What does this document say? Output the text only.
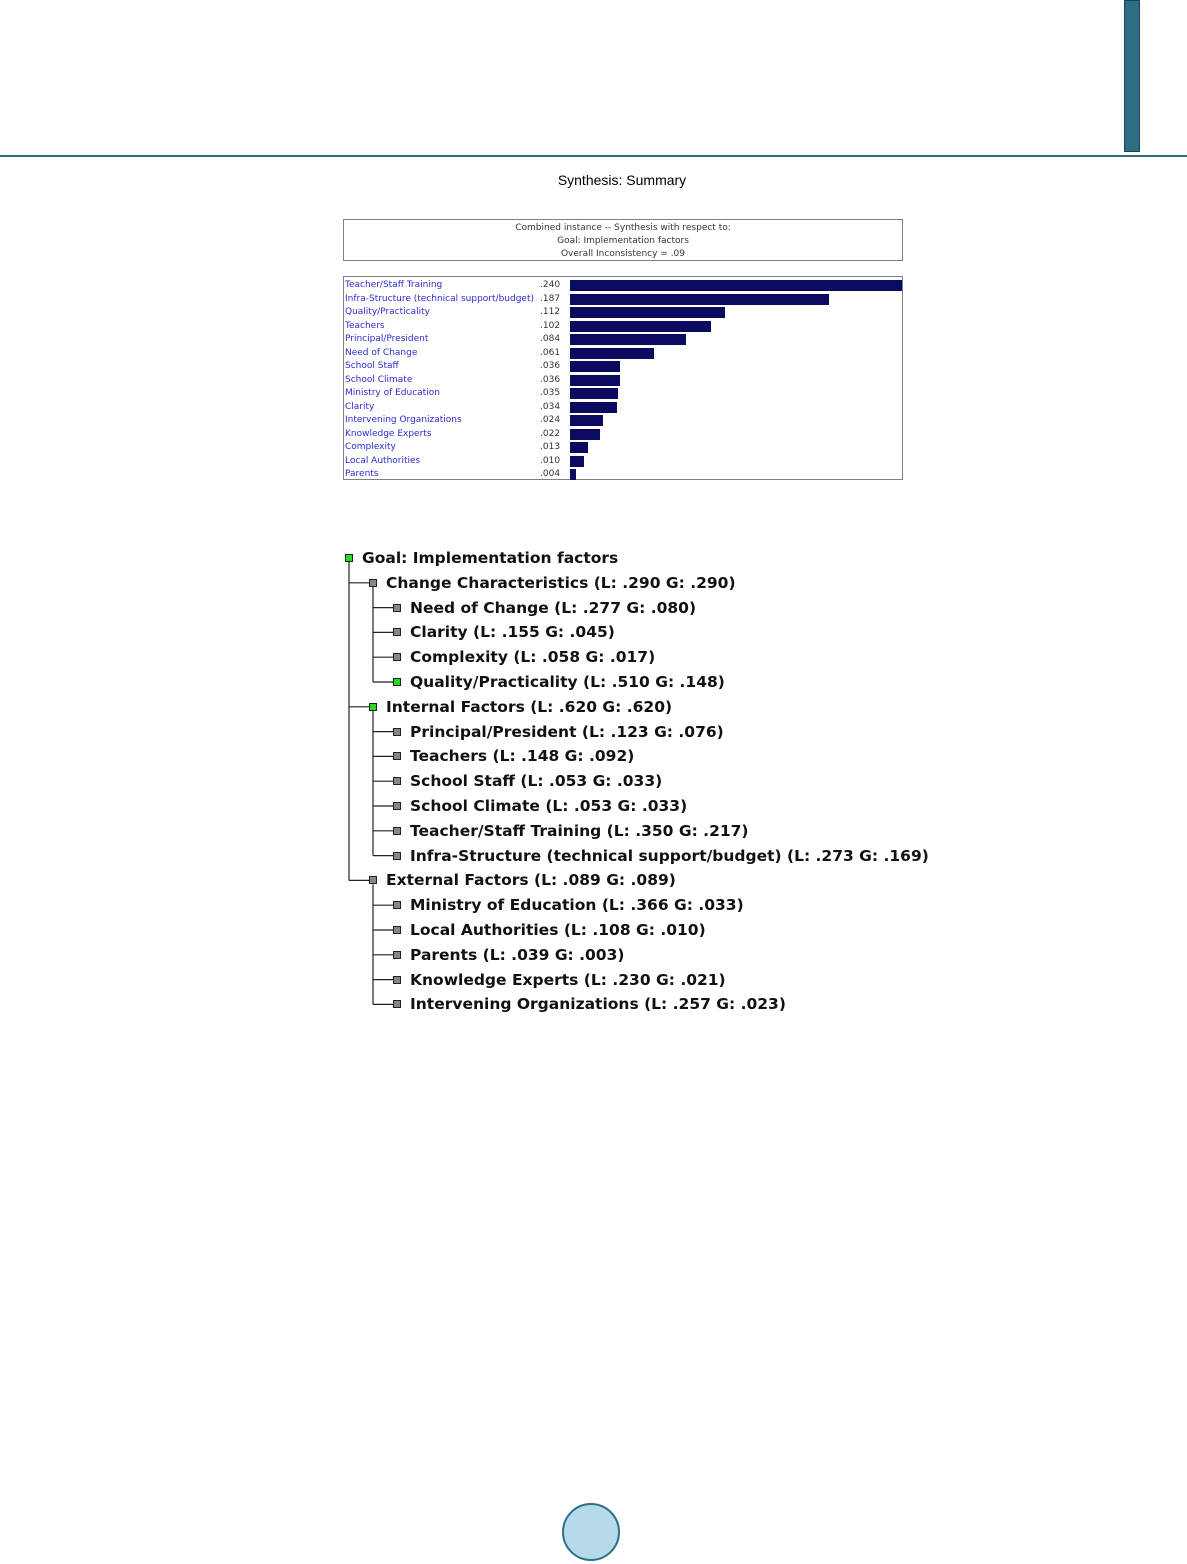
Synthesis: Summary
Combined instance -- Synthesis with respect to:
Goal: Implementation factors
Overall Inconsistency = .09
Teacher/Staff Training	.240
Infra-Structure (technical support/budget) .187
Quality/Practicality	.112
Teachers	.102
Principal/President	.084
Need of Change	.061
School Staff	.036
School Climate	.036
Ministry of Education	.035
Clarity	.034
Intervening Organizations	.024
Knowledge Experts	.022
Complexity	.013
Local Authorities	.010
Parents	.004
Goal: Implementation factors
Change Characteristics (L: .290 G: .290)
Need of Change (L: .277 G: .080)
Clarity (L: .155 G: .045)
Complexity (L: .058 G: .017)
Quality/Practicality (L: .510 G: .148)
Internal Factors (L: .620 G: .620)
Principal/President (L: .123 G: .076)
Teachers (L: .148 G: .092)
School Staff (L: .053 G: .033)
School Climate (L: .053 G: .033)
Teacher/Staff Training (L: .350 G: .217)
Infra-Structure (technical support/budget) (L: .273 G: .169)
External Factors (L: .089 G: .089)
Ministry of Education (L: .366 G: .033)
Local Authorities (L: .108 G: .010)
Parents (L: .039 G: .003)
Knowledge Experts (L: .230 G: .021)
Intervening Organizations (L: .257 G: .023)
